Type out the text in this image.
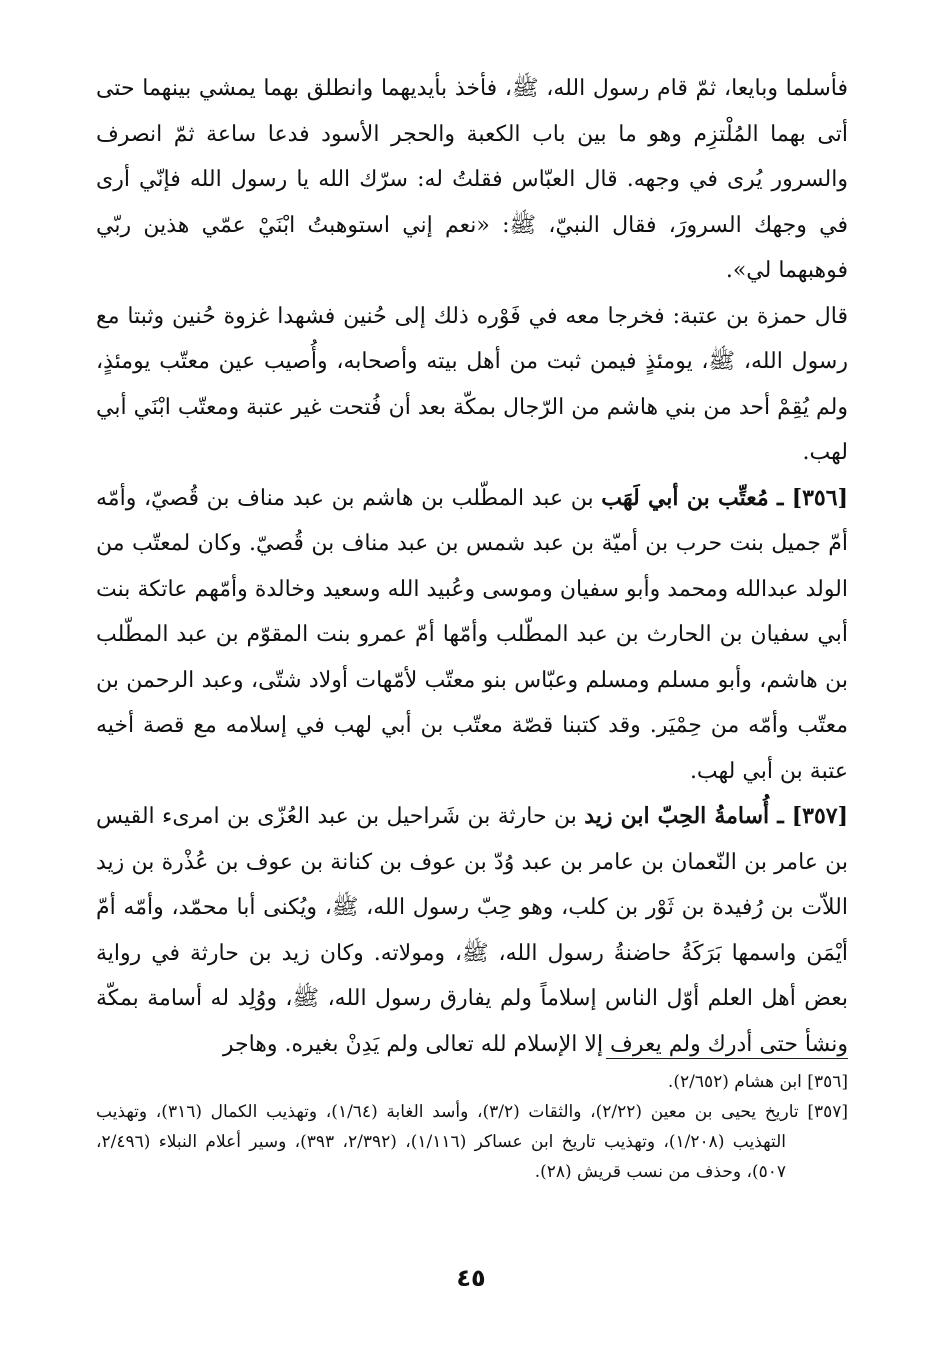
فأسلما وبايعا، ثمّ قام رسول الله، ﷺ، فأخذ بأيديهما وانطلق بهما يمشي بينهما حتى أتى بهما المُلْتزِم وهو ما بين باب الكعبة والحجر الأسود فدعا ساعة ثمّ انصرف والسرور يُرى في وجهه. قال العبّاس فقلتُ له: سرّك الله يا رسول الله فإنّي أرى في وجهك السرورَ، فقال النبيّ، ﷺ: «نعم إني استوهبتُ ابْنَيْ عمّي هذين ربّي فوهبهما لي».

قال حمزة بن عتبة: فخرجا معه في فَوْره ذلك إلى حُنين فشهدا غزوة حُنين وثبتا مع رسول الله، ﷺ، يومئذٍ فيمن ثبت من أهل بيته وأصحابه، وأُصيب عين معتّب يومئذٍ، ولم يُقِمْ أحد من بني هاشم من الرّجال بمكّة بعد أن فُتحت غير عتبة ومعتّب ابْنَي أبي لهب.

[٣٥٦] ـ مُعتِّب بن أبي لَهَب بن عبد المطّلب بن هاشم بن عبد مناف بن قُصيّ، وأمّه أمّ جميل بنت حرب بن أميّة بن عبد شمس بن عبد مناف بن قُصيّ. وكان لمعتّب من الولد عبدالله ومحمد وأبو سفيان وموسى وعُبيد الله وسعيد وخالدة وأمّهم عاتكة بنت أبي سفيان بن الحارث بن عبد المطّلب وأمّها أمّ عمرو بنت المقوّم بن عبد المطّلب بن هاشم، وأبو مسلم ومسلم وعبّاس بنو معتّب لأمّهات أولاد شتّى، وعبد الرحمن بن معتّب وأمّه من حِمْيَر. وقد كتبنا قصّة معتّب بن أبي لهب في إسلامه مع قصة أخيه عتبة بن أبي لهب.

[٣٥٧] ـ أُسامةُ الحِبّ ابن زيد بن حارثة بن شَراحيل بن عبد العُزّى بن امرىء القيس بن عامر بن النّعمان بن عامر بن عبد وُدّ بن عوف بن كنانة بن عوف بن عُذْرة بن زيد اللاّت بن رُفيدة بن ثَوْر بن كلب، وهو حِبّ رسول الله، ﷺ، ويُكنى أبا محمّد، وأمّه أمّ أيْمَن واسمها بَرَكَةُ حاضنةُ رسول الله، ﷺ، ومولاته. وكان زيد بن حارثة في رواية بعض أهل العلم أوّل الناس إسلاماً ولم يفارق رسول الله، ﷺ، ووُلِد له أسامة بمكّة ونشأ حتى أدرك ولم يعرف إلا الإسلام لله تعالى ولم يَدِنْ بغيره. وهاجر

[٣٥٦] ابن هشام (٢/٦٥٢).

[٣٥٧] تاريخ يحيى بن معين (٢/٢٢)، والثقات (٣/٢)، وأسد الغابة (١/٦٤)، وتهذيب الكمال (٣١٦)، وتهذيب التهذيب (١/٢٠٨)، وتهذيب تاريخ ابن عساكر (١/١١٦)، (٢/٣٩٢، ٣٩٣)، وسير أعلام النبلاء (٢/٤٩٦، ٥٠٧)، وحذف من نسب قريش (٢٨).

٤٥
